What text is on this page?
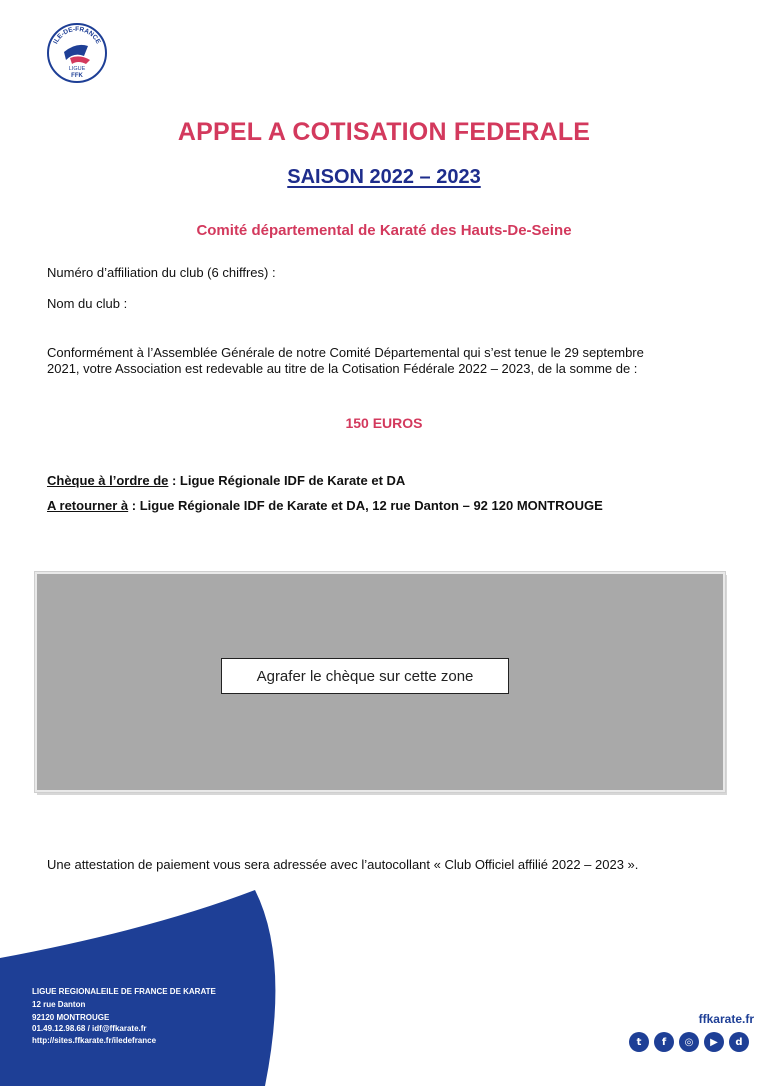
ILE-DE-FRANCE
LIGUE
FFK
APPEL A COTISATION FEDERALE
SAISON 2022 – 2023
Comité départemental de Karaté des Hauts-De-Seine
Numéro d’affiliation du club (6 chiffres) :
Nom du club :
Conformément à l’Assemblée Générale de notre Comité Départemental qui s’est tenue le 29 septembre
2021, votre Association est redevable au titre de la Cotisation Fédérale 2022 – 2023, de la somme de :
150 EUROS
Chèque à l’ordre de : Ligue Régionale IDF de Karate et DA
A retourner à : Ligue Régionale IDF de Karate et DA, 12 rue Danton – 92 120 MONTROUGE
Agrafer le chèque sur cette zone
Une attestation de paiement vous sera adressée avec l’autocollant « Club Officiel affilié 2022 – 2023 ».
LIGUE REGIONALEILE DE FRANCE DE KARATE
12 rue Danton
92120 MONTROUGE
01.49.12.98.68 / idf@ffkarate.fr
http://sites.ffkarate.fr/iledefrance
ffkarate.fr
t	f	◎	▶	d
